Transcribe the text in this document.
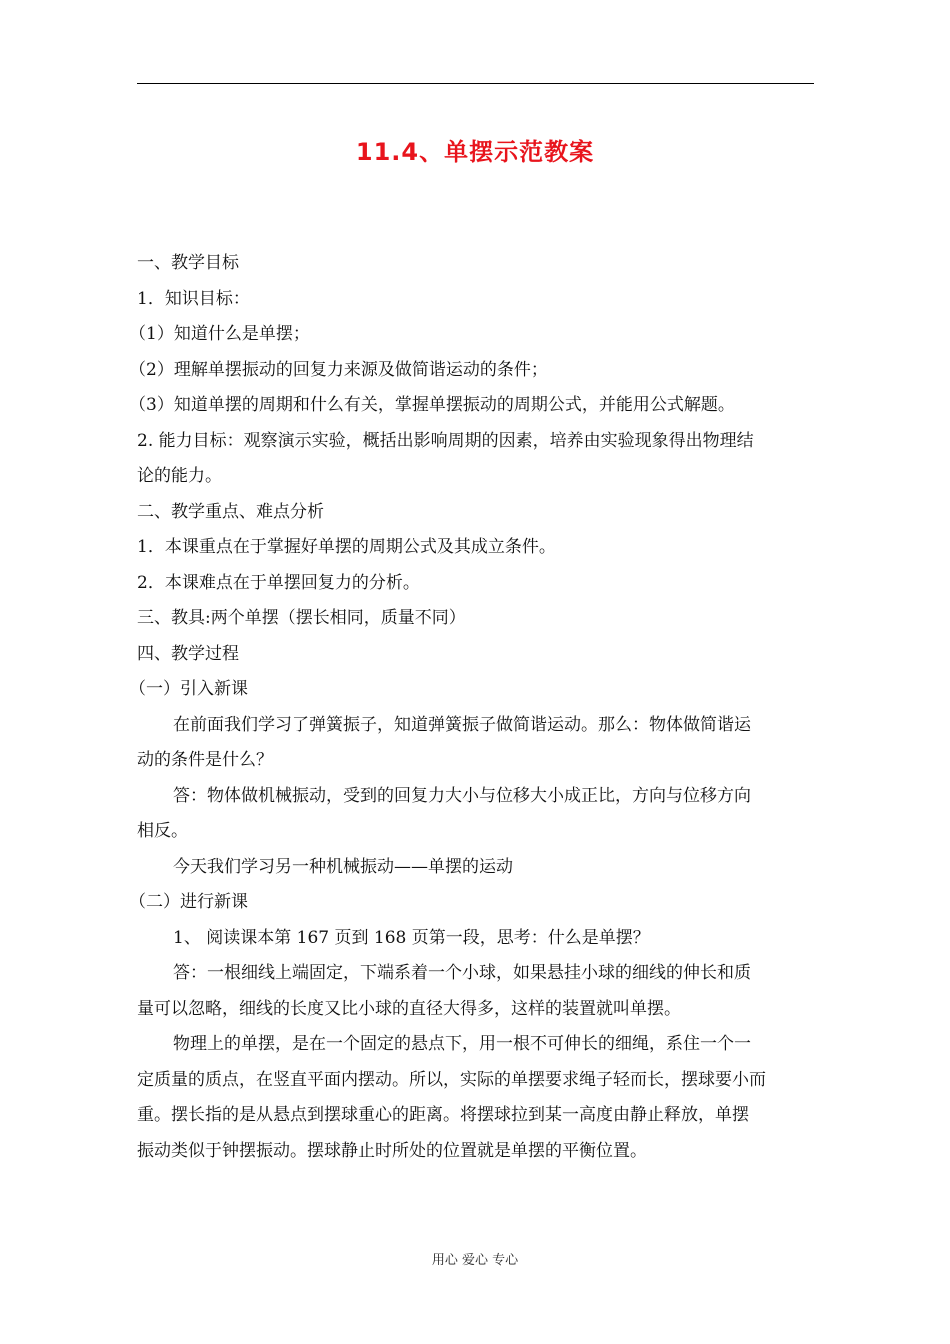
11.4、单摆示范教案
一、教学目标
1．知识目标：
（1）知道什么是单摆；
（2）理解单摆振动的回复力来源及做简谐运动的条件；
（3）知道单摆的周期和什么有关，掌握单摆振动的周期公式，并能用公式解题。
2. 能力目标：观察演示实验，概括出影响周期的因素，培养由实验现象得出物理结
论的能力。
二、教学重点、难点分析
1．本课重点在于掌握好单摆的周期公式及其成立条件。
2．本课难点在于单摆回复力的分析。
三、教具:两个单摆（摆长相同，质量不同）
四、教学过程
（一）引入新课
在前面我们学习了弹簧振子，知道弹簧振子做简谐运动。那么：物体做简谐运
动的条件是什么？
答：物体做机械振动，受到的回复力大小与位移大小成正比，方向与位移方向
相反。
今天我们学习另一种机械振动——单摆的运动
（二）进行新课
1、 阅读课本第 167 页到 168 页第一段，思考：什么是单摆？
答：一根细线上端固定，下端系着一个小球，如果悬挂小球的细线的伸长和质
量可以忽略，细线的长度又比小球的直径大得多，这样的装置就叫单摆。
物理上的单摆，是在一个固定的悬点下，用一根不可伸长的细绳，系住一个一
定质量的质点，在竖直平面内摆动。所以，实际的单摆要求绳子轻而长，摆球要小而
重。摆长指的是从悬点到摆球重心的距离。将摆球拉到某一高度由静止释放，单摆
振动类似于钟摆振动。摆球静止时所处的位置就是单摆的平衡位置。
用心 爱心 专心
